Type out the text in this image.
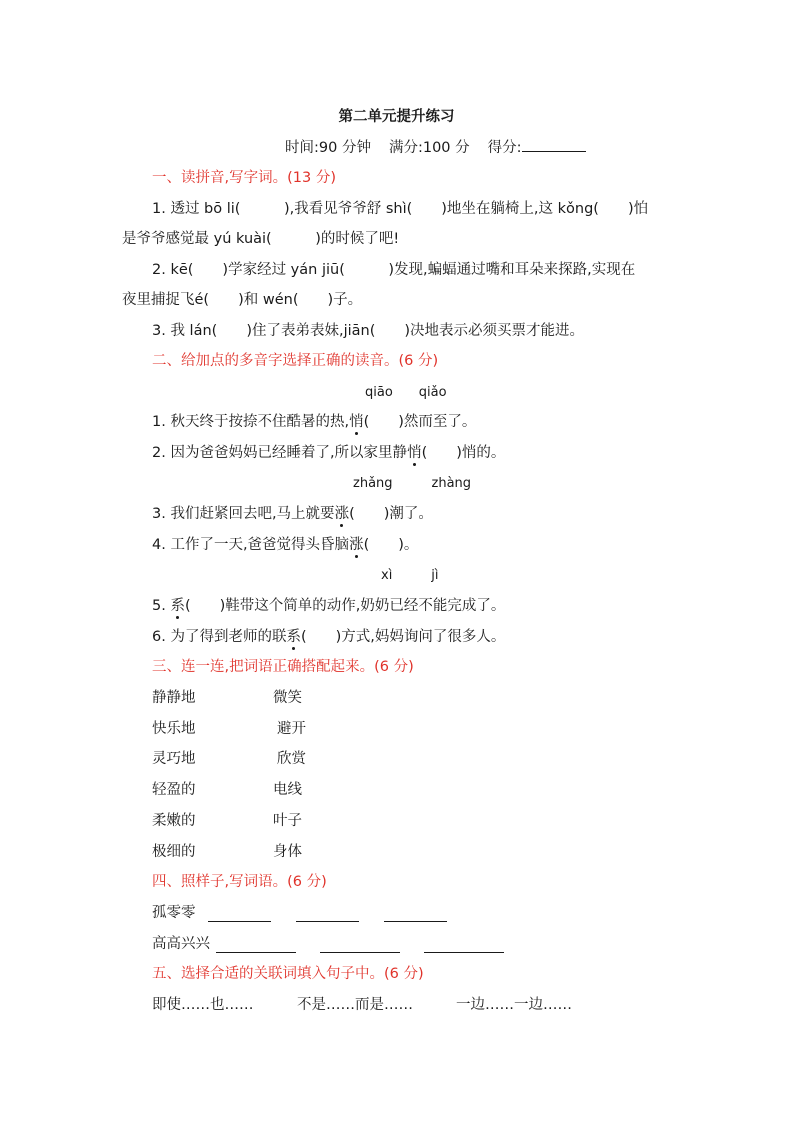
第二单元提升练习
时间:90 分钟 满分:100 分 得分:
一、读拼音,写字词。(13 分)
1. 透过 bō li(　　　),我看见爷爷舒 shì(　　)地坐在躺椅上,这 kǒng(　　)怕
是爷爷感觉最 yú kuài(　　　)的时候了吧!
2. kē(　　)学家经过 yán jiū(　　　)发现,蝙蝠通过嘴和耳朵来探路,实现在
夜里捕捉飞é(　　)和 wén(　　)子。
3. 我 lán(　　)住了表弟表妹,jiān(　　)决地表示必须买票才能进。
二、给加点的多音字选择正确的读音。(6 分)
qiāo　　qiǎo
1. 秋天终于按捺不住酷暑的热,悄(　　)然而至了。
2. 因为爸爸妈妈已经睡着了,所以家里静悄(　　)悄的。
zhǎng　　　zhàng
3. 我们赶紧回去吧,马上就要涨(　　)潮了。
4. 工作了一天,爸爸觉得头昏脑涨(　　)。
xì　　　jì
5. 系(　　)鞋带这个简单的动作,奶奶已经不能完成了。
6. 为了得到老师的联系(　　)方式,妈妈询问了很多人。
三、连一连,把词语正确搭配起来。(6 分)
静静地	微笑
快乐地	避开
灵巧地	欣赏
轻盈的	电线
柔嫩的	叶子
极细的	身体
四、照样子,写词语。(6 分)
孤零零
高高兴兴
五、选择合适的关联词填入句子中。(6 分)
即使……也……	不是……而是……	一边……一边……
